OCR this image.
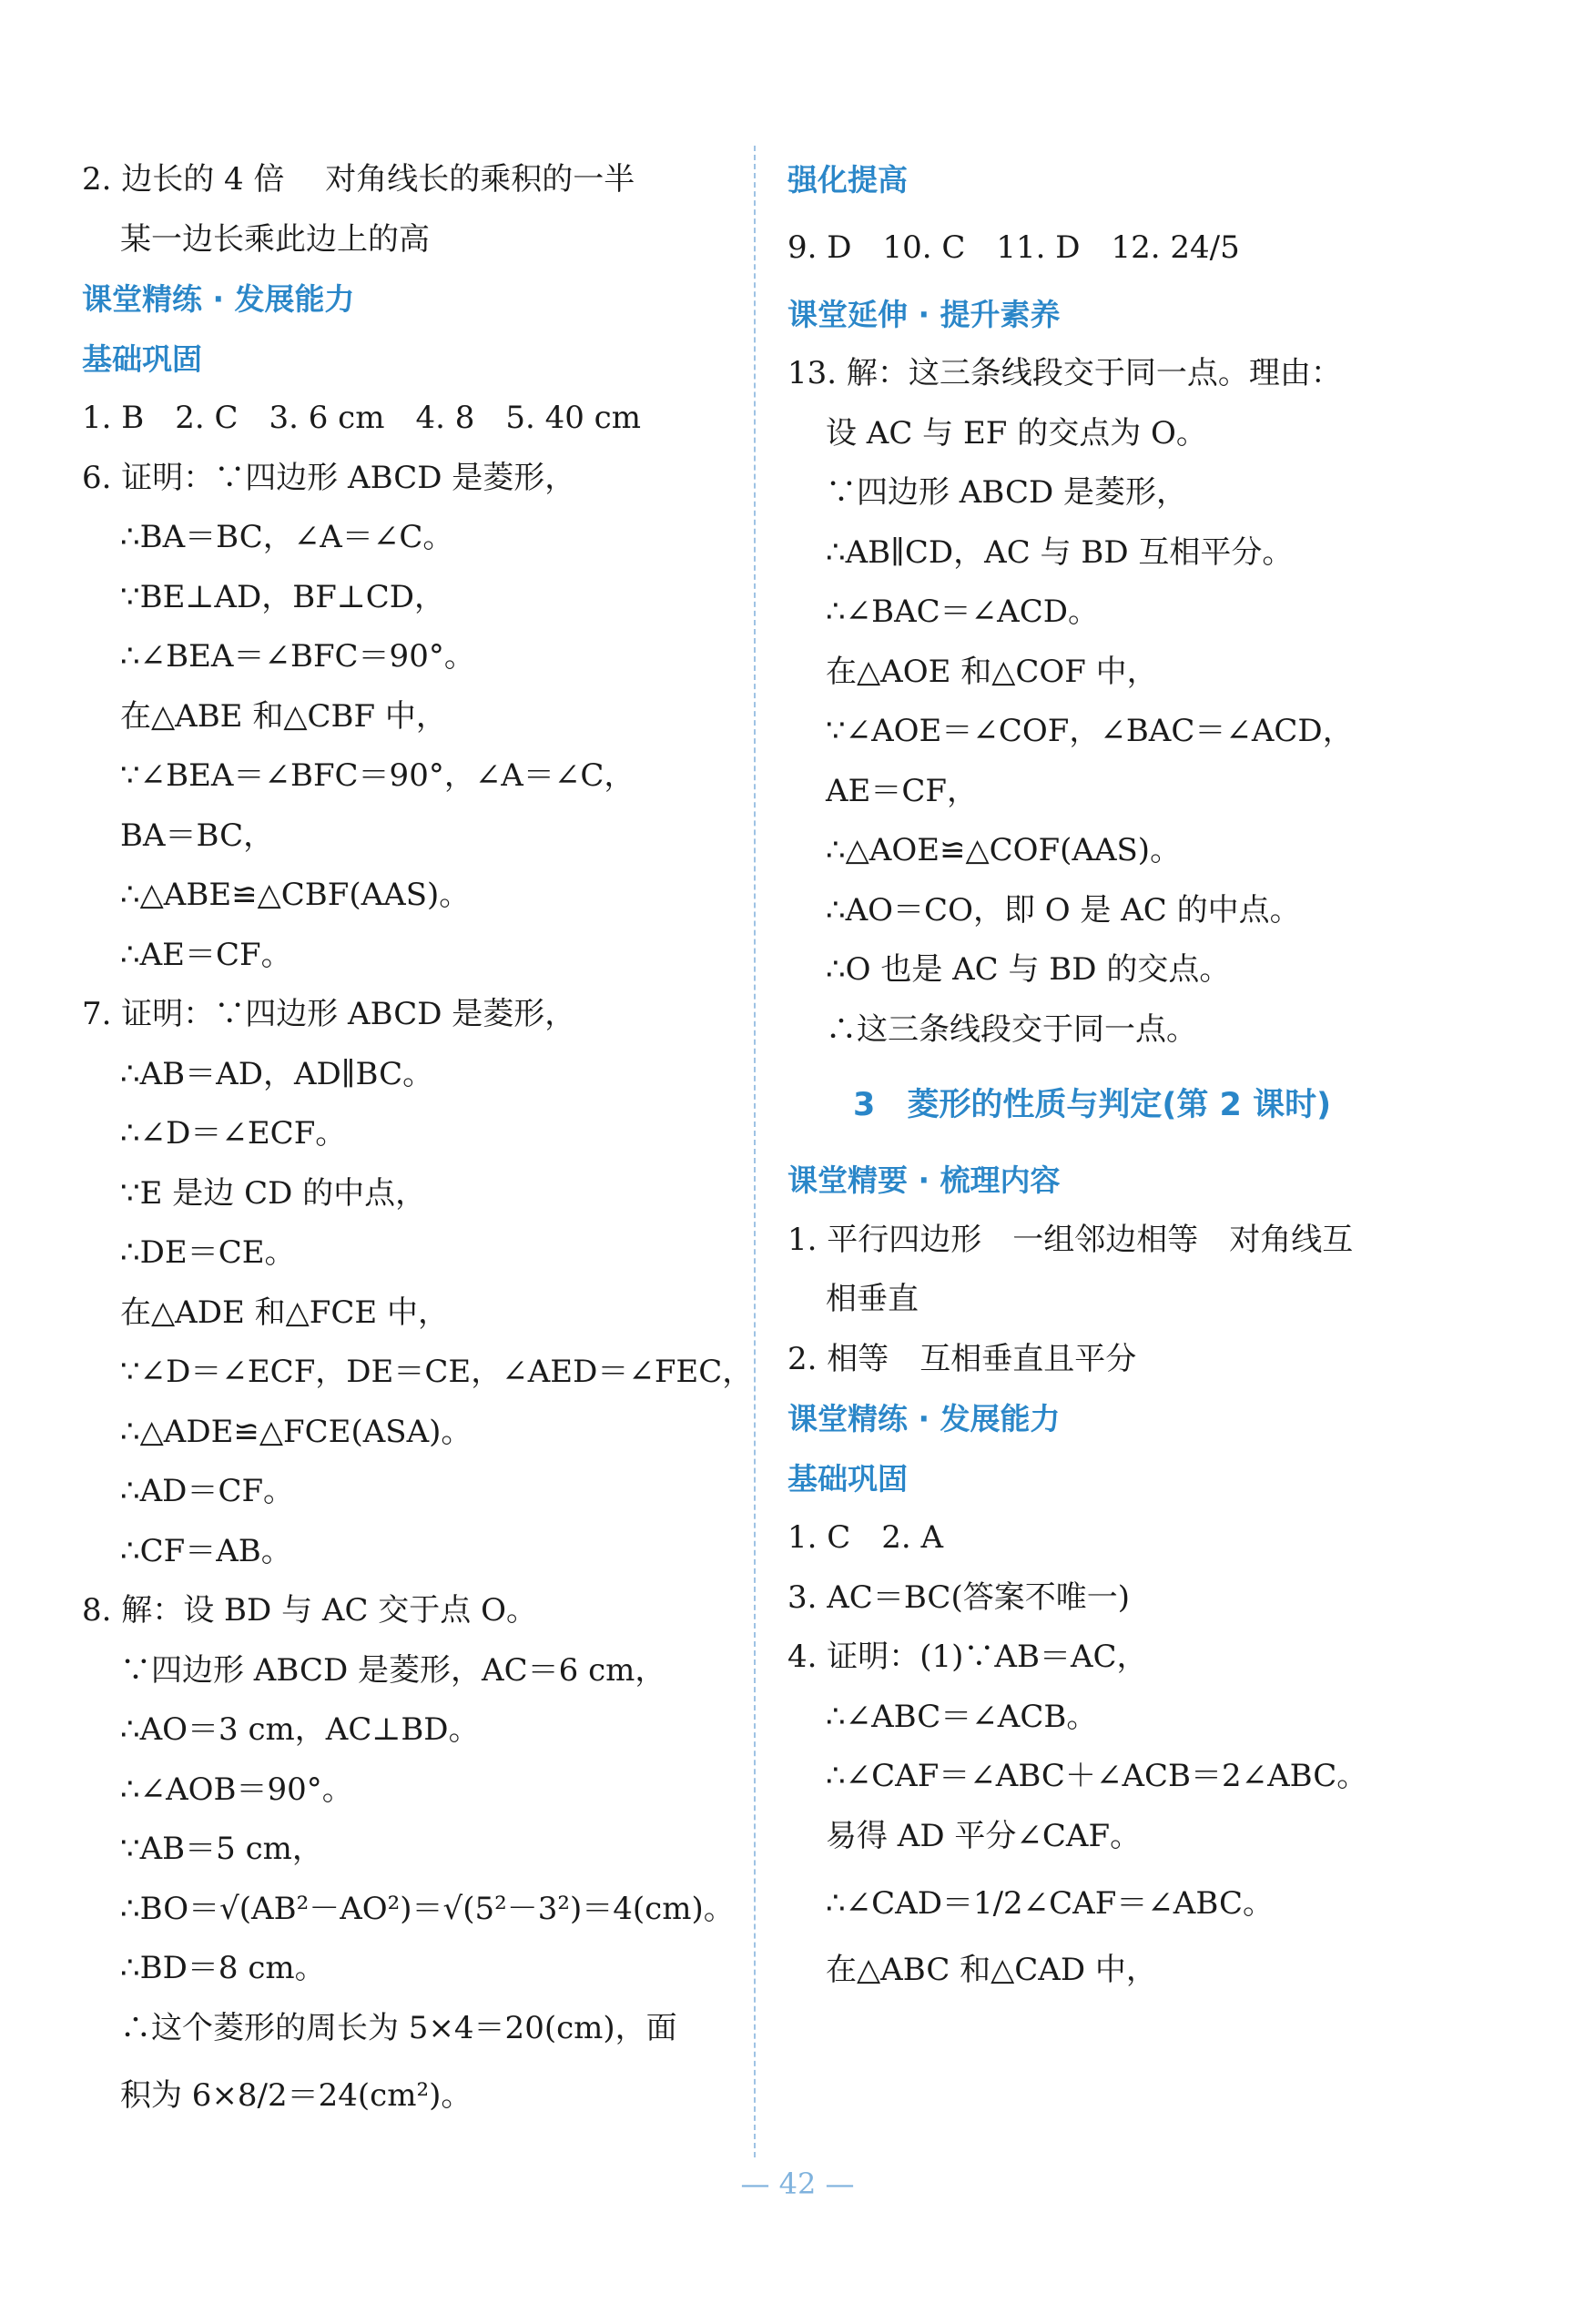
2. 边长的 4 倍　 对角线长的乘积的一半
某一边长乘此边上的高
课堂精练 · 发展能力
基础巩固
1. B　2. C　3. 6 cm　4. 8　5. 40 cm
6. 证明：∵四边形 ABCD 是菱形，
∴BA＝BC，∠A＝∠C。
∵BE⊥AD，BF⊥CD，
∴∠BEA＝∠BFC＝90°。
在△ABE 和△CBF 中，
∵∠BEA＝∠BFC＝90°，∠A＝∠C，
BA＝BC，
∴△ABE≌△CBF(AAS)。
∴AE＝CF。
7. 证明：∵四边形 ABCD 是菱形，
∴AB＝AD，AD∥BC。
∴∠D＝∠ECF。
∵E 是边 CD 的中点，
∴DE＝CE。
在△ADE 和△FCE 中，
∵∠D＝∠ECF，DE＝CE，∠AED＝∠FEC，
∴△ADE≌△FCE(ASA)。
∴AD＝CF。
∴CF＝AB。
8. 解：设 BD 与 AC 交于点 O。
∵四边形 ABCD 是菱形，AC＝6 cm，
∴AO＝3 cm，AC⊥BD。
∴∠AOB＝90°。
∵AB＝5 cm，
∴BO＝√(AB²－AO²)＝√(5²－3²)＝4(cm)。
∴BD＝8 cm。
∴这个菱形的周长为 5×4＝20(cm)，面
积为 6×8/2＝24(cm²)。
强化提高
9. D　10. C　11. D　12. 24/5
课堂延伸 · 提升素养
13. 解：这三条线段交于同一点。理由：
设 AC 与 EF 的交点为 O。
∵四边形 ABCD 是菱形，
∴AB∥CD，AC 与 BD 互相平分。
∴∠BAC＝∠ACD。
在△AOE 和△COF 中，
∵∠AOE＝∠COF，∠BAC＝∠ACD，
AE＝CF，
∴△AOE≌△COF(AAS)。
∴AO＝CO，即 O 是 AC 的中点。
∴O 也是 AC 与 BD 的交点。
∴这三条线段交于同一点。
3　菱形的性质与判定(第 2 课时)
课堂精要 · 梳理内容
1. 平行四边形　一组邻边相等　对角线互
相垂直
2. 相等　互相垂直且平分
课堂精练 · 发展能力
基础巩固
1. C　2. A
3. AC＝BC(答案不唯一)
4. 证明：(1)∵AB＝AC，
∴∠ABC＝∠ACB。
∴∠CAF＝∠ABC＋∠ACB＝2∠ABC。
易得 AD 平分∠CAF。
∴∠CAD＝1/2∠CAF＝∠ABC。
在△ABC 和△CAD 中，
— 42 —
